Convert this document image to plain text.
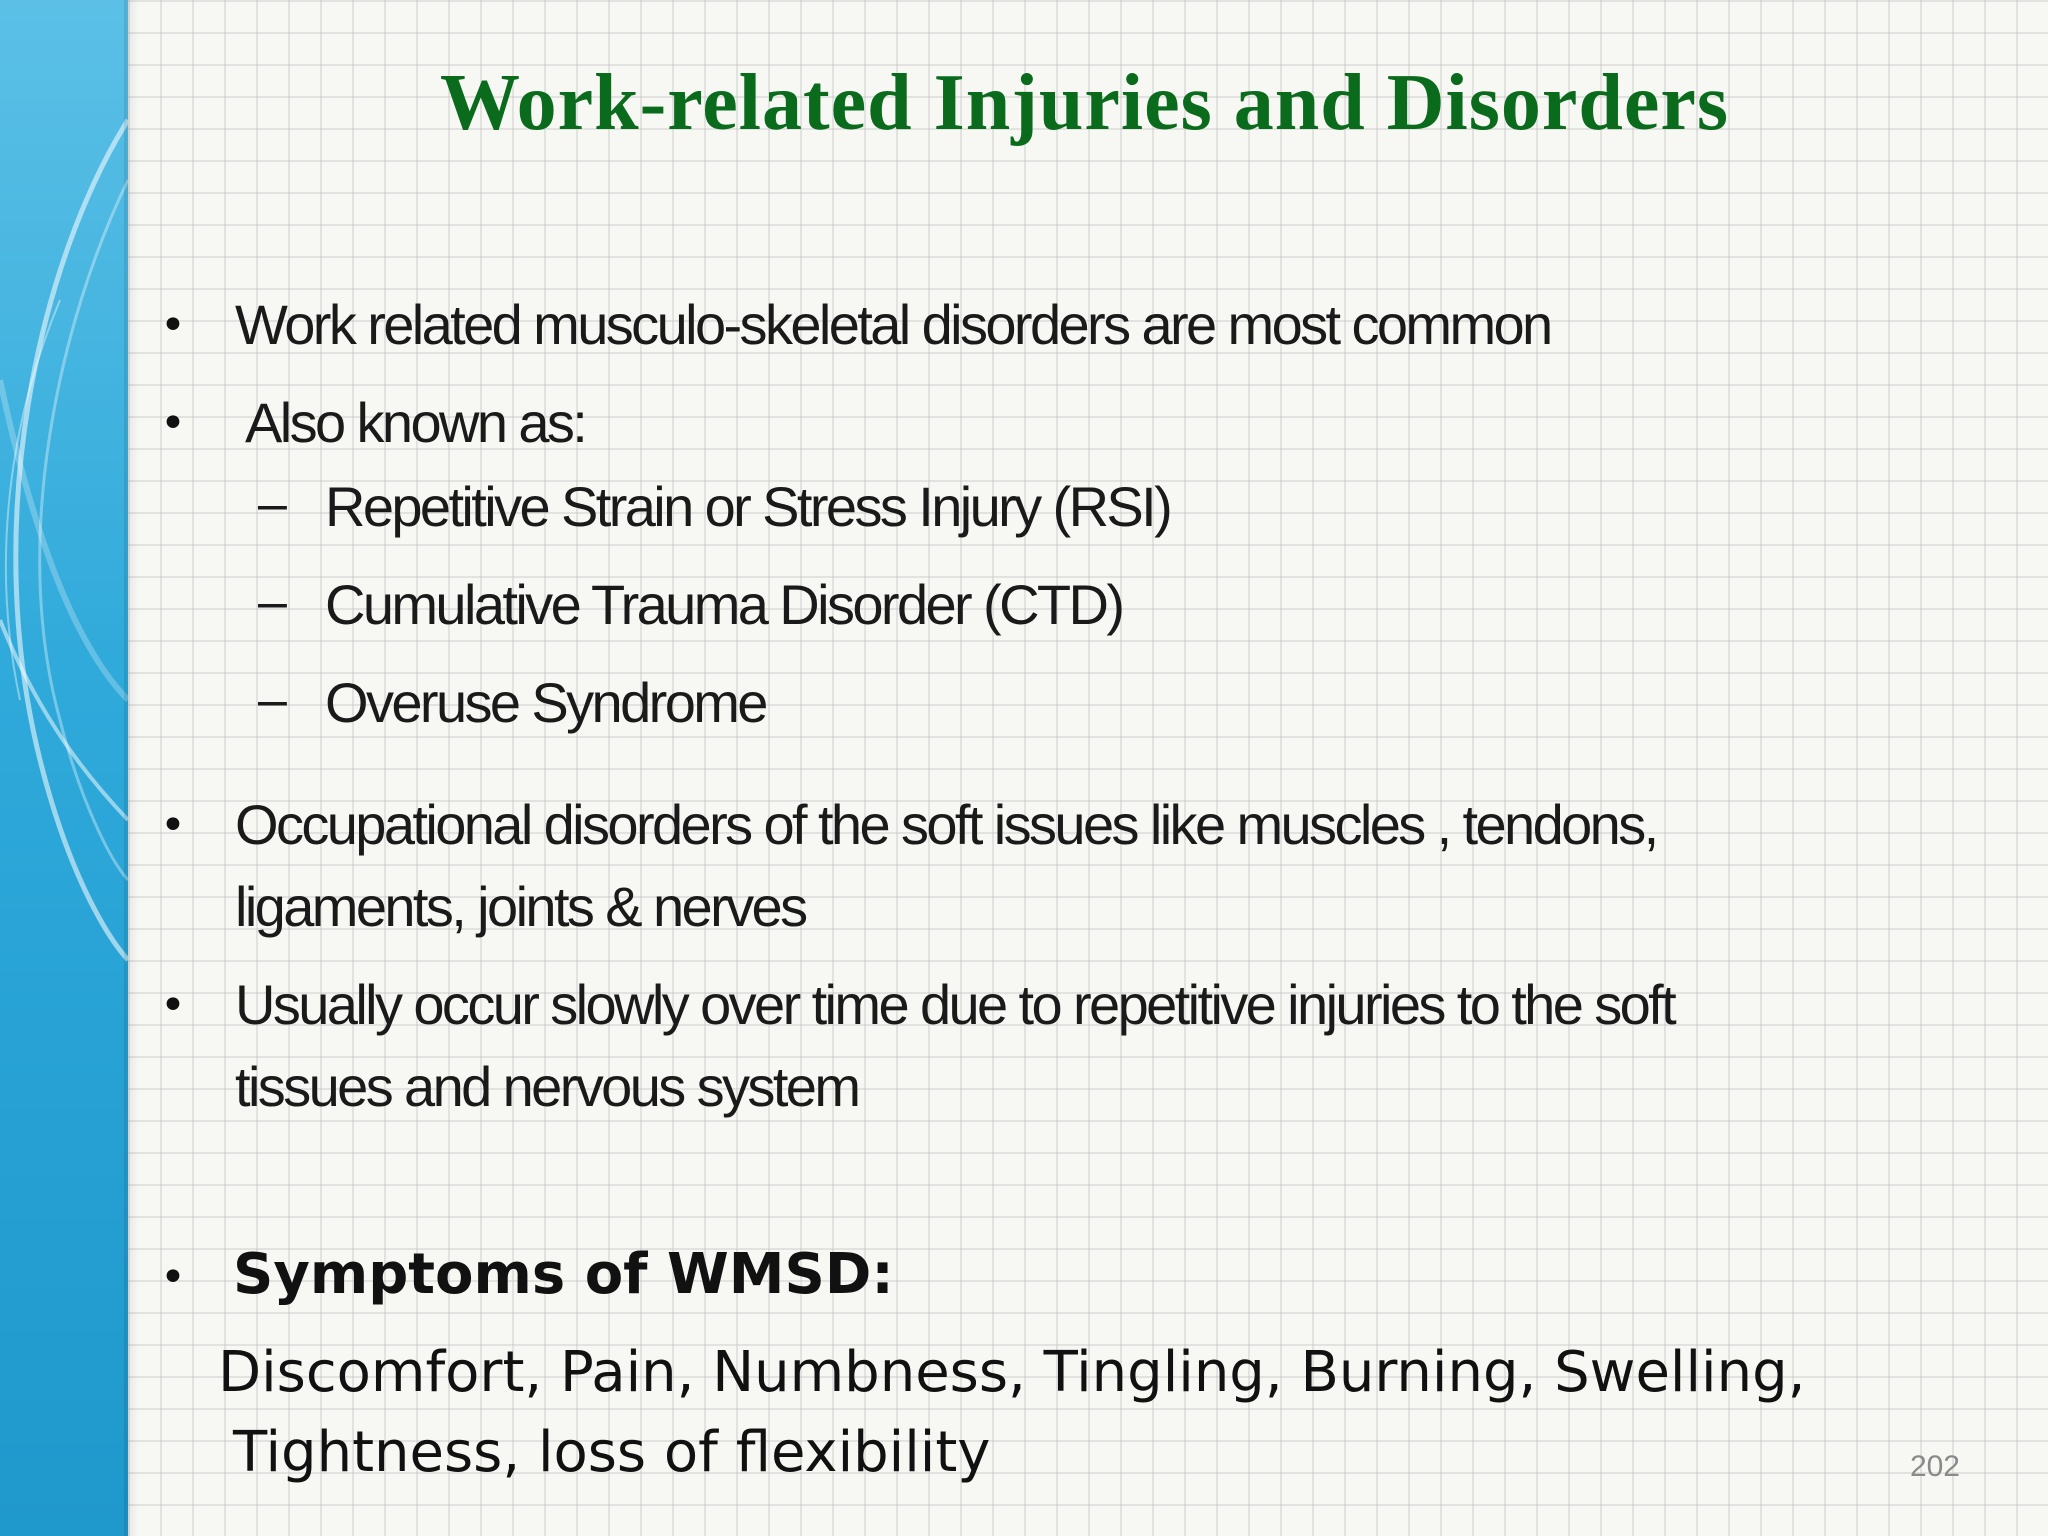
Work-related Injuries and Disorders
• Work related musculo-skeletal disorders are most common
• Also known as:
– Repetitive Strain or Stress Injury (RSI)
– Cumulative Trauma Disorder (CTD)
– Overuse Syndrome
• Occupational disorders of the soft issues like muscles , tendons,
ligaments, joints & nerves
• Usually occur slowly over time due to repetitive injuries to the soft
tissues and nervous system
• Symptoms of WMSD:
Discomfort, Pain, Numbness, Tingling, Burning, Swelling,
Tightness, loss of flexibility	202
